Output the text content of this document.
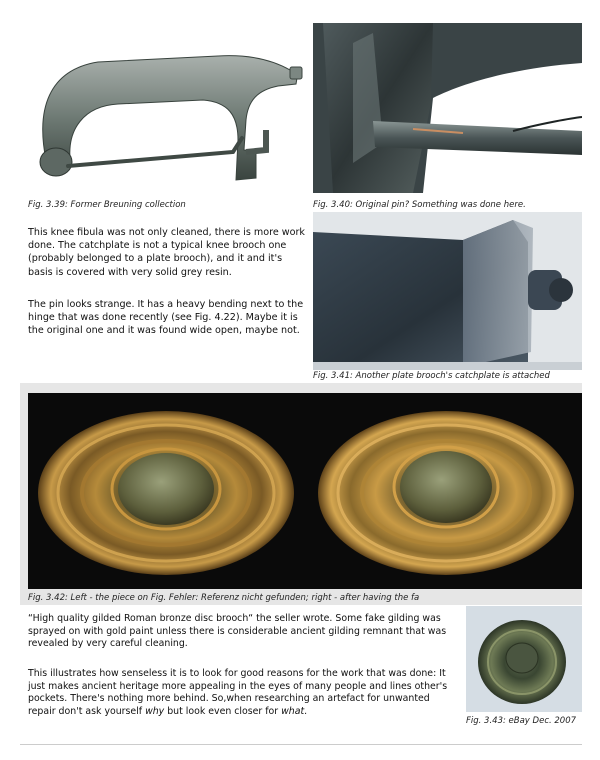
Fig. 3.39: Former Breuning collection	Fig. 3.40: Original pin? Something was done here.
This knee fibula was not only cleaned, there is more work done. The catchplate is not a typical knee brooch one (probably belonged to a plate brooch), and it and it's basis is covered with very solid grey resin.
The pin looks strange. It has a heavy bending next to the hinge that was done recently (see Fig. 4.22). Maybe it is the original one and it was found wide open, maybe not.
Fig. 3.41: Another plate brooch's catchplate is attached
Fig. 3.42: Left - the piece on Fig. Fehler: Referenz nicht gefunden; right - after having the fa
“High quality gilded Roman bronze disc brooch“ the seller wrote. Some fake gilding was sprayed on with gold paint unless there is considerable ancient gilding remnant that was revealed by very careful cleaning.
This illustrates how senseless it is to look for good reasons for the work that was done: It just makes ancient heritage more appealing in the eyes of many people and lines other's pockets. There's nothing more behind. So,when researching an artefact for unwanted repair don't ask yourself why but look even closer for what.
Fig. 3.43: eBay Dec. 2007
